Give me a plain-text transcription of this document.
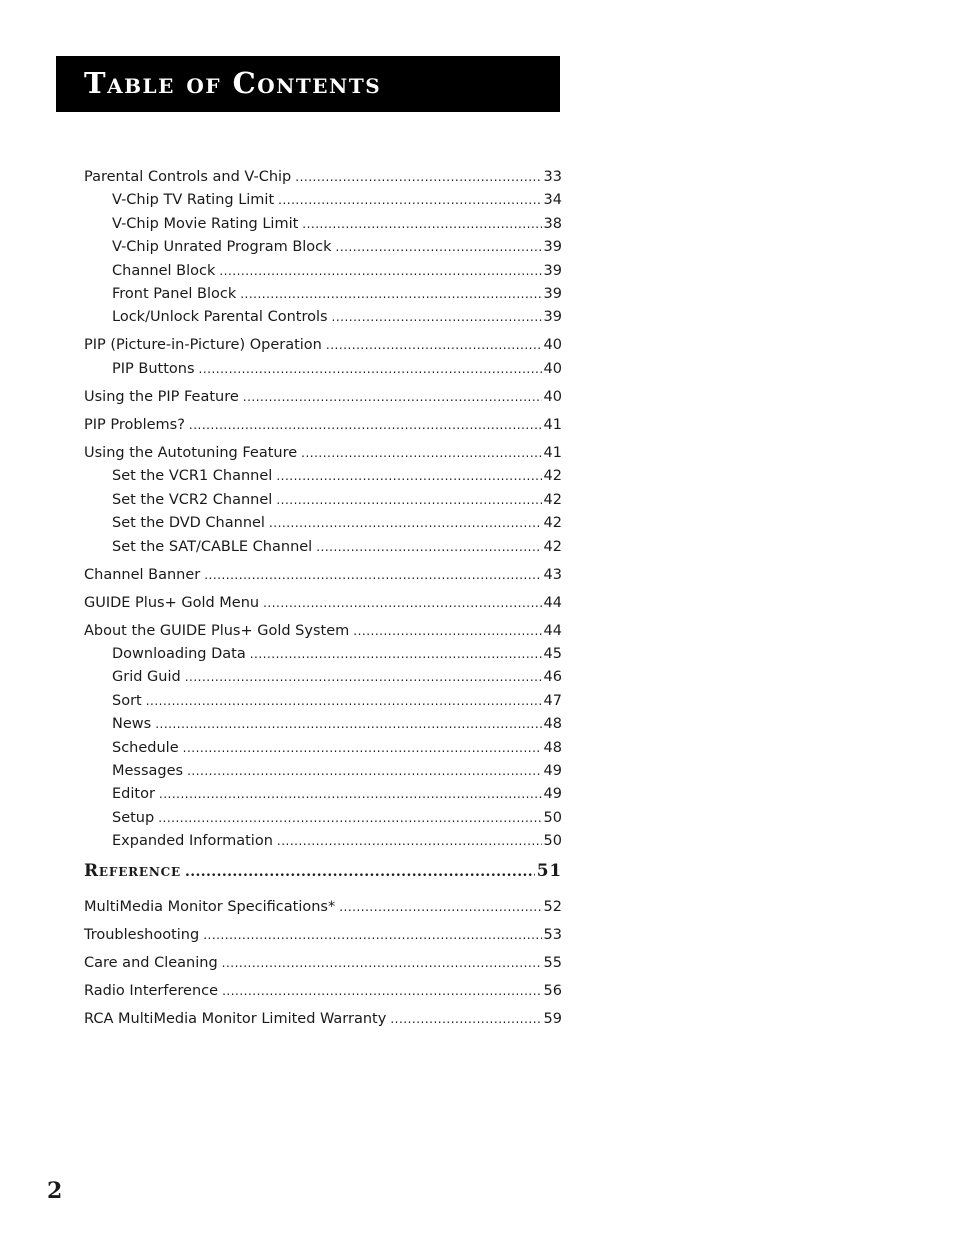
Table of Contents
Parental Controls and V-Chip .....	33
V-Chip TV Rating Limit .....	34
V-Chip Movie Rating Limit .....	38
V-Chip Unrated Program Block .....	39
Channel Block .....	39
Front Panel Block .....	39
Lock/Unlock Parental Controls .....	39
PIP (Picture-in-Picture) Operation .....	40
PIP Buttons .....	40
Using the PIP Feature .....	40
PIP Problems? .....	41
Using the Autotuning Feature .....	41
Set the VCR1 Channel .....	42
Set the VCR2 Channel .....	42
Set the DVD Channel .....	42
Set the SAT/CABLE Channel .....	42
Channel Banner .....	43
GUIDE Plus+ Gold Menu .....	44
About the GUIDE Plus+ Gold System .....	44
Downloading Data .....	45
Grid Guid .....	46
Sort .....	47
News .....	48
Schedule .....	48
Messages .....	49
Editor .....	49
Setup .....	50
Expanded Information .....	50
Reference .....	51
MultiMedia Monitor Specifications* .....	52
Troubleshooting .....	53
Care and Cleaning .....	55
Radio Interference .....	56
RCA MultiMedia Monitor Limited Warranty .....	59
2
